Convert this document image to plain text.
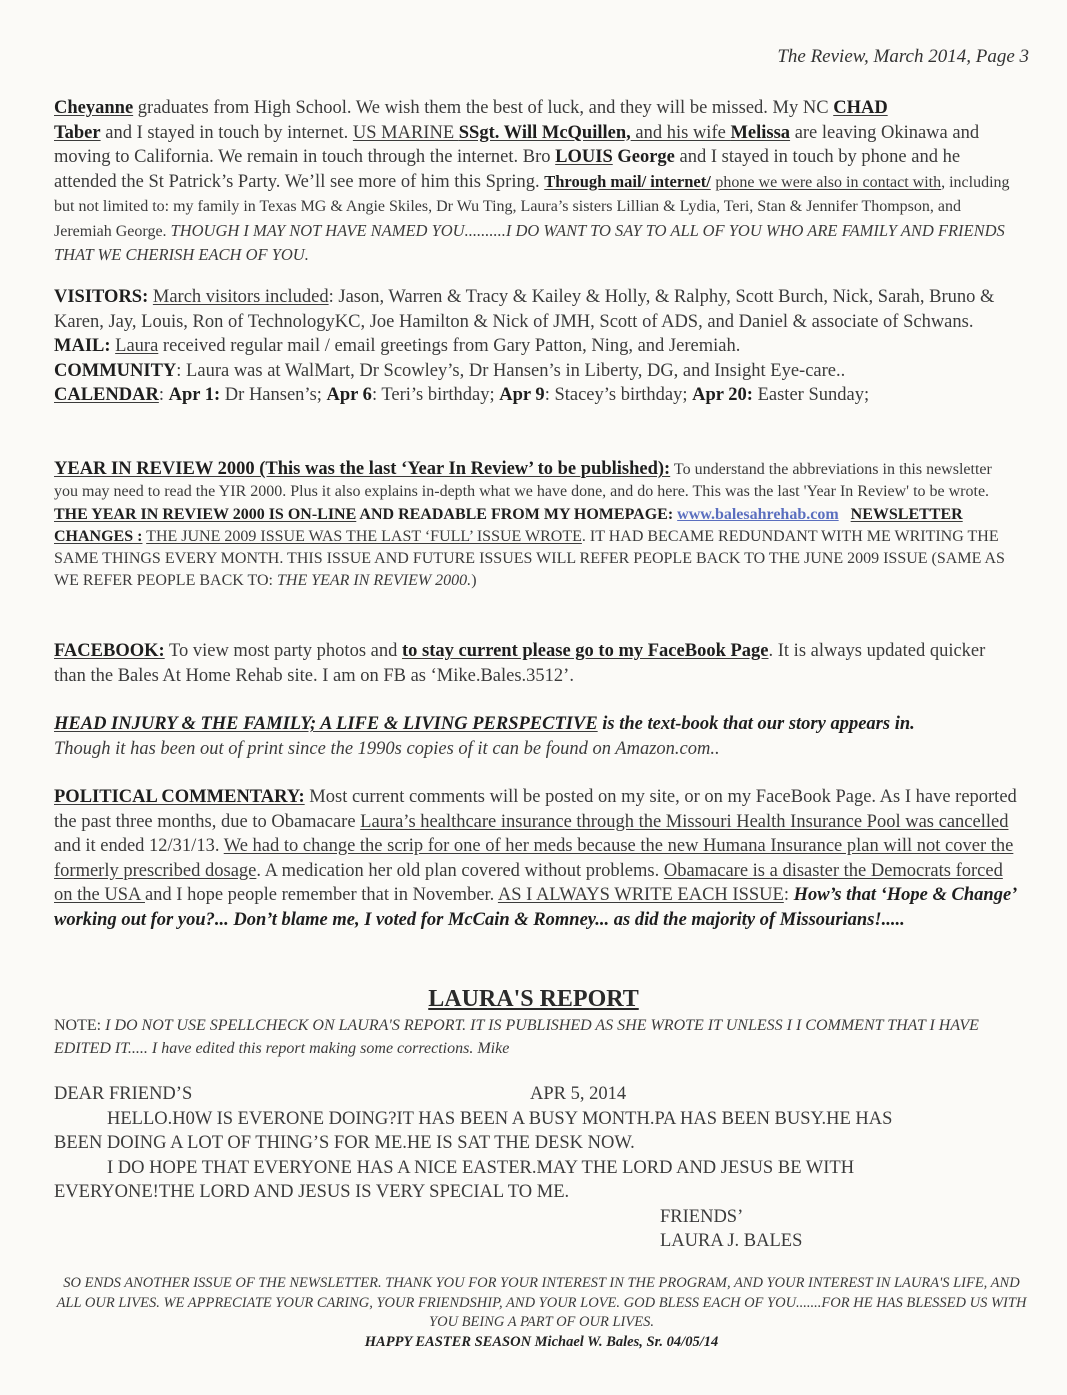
The Review, March 2014, Page 3
Cheyanne graduates from High School. We wish them the best of luck, and they will be missed. My NC CHAD
Taber and I stayed in touch by internet. US MARINE SSgt. Will McQuillen, and his wife Melissa are leaving Okinawa and moving to California. We remain in touch through the internet. Bro LOUIS George and I stayed in touch by phone and he attended the St Patrick’s Party. We’ll see more of him this Spring. Through mail/ internet/ phone we were also in contact with, including but not limited to: my family in Texas MG & Angie Skiles, Dr Wu Ting, Laura’s sisters Lillian & Lydia, Teri, Stan & Jennifer Thompson, and Jeremiah George. THOUGH I MAY NOT HAVE NAMED YOU..........I DO WANT TO SAY TO ALL OF YOU WHO ARE FAMILY AND FRIENDS THAT WE CHERISH EACH OF YOU.
VISITORS: March visitors included: Jason, Warren & Tracy & Kailey & Holly, & Ralphy, Scott Burch, Nick, Sarah, Bruno & Karen, Jay, Louis, Ron of TechnologyKC, Joe Hamilton & Nick of JMH, Scott of ADS, and Daniel & associate of Schwans.
MAIL: Laura received regular mail / email greetings from Gary Patton, Ning, and Jeremiah.
COMMUNITY: Laura was at WalMart, Dr Scowley’s, Dr Hansen’s in Liberty, DG, and Insight Eye-care..
CALENDAR: Apr 1: Dr Hansen’s; Apr 6: Teri’s birthday; Apr 9: Stacey’s birthday; Apr 20: Easter Sunday;
YEAR IN REVIEW 2000 (This was the last ‘Year In Review’ to be published): To understand the abbreviations in this newsletter you may need to read the YIR 2000. Plus it also explains in-depth what we have done, and do here. This was the last 'Year In Review' to be wrote. THE YEAR IN REVIEW 2000 IS ON-LINE AND READABLE FROM MY HOMEPAGE: www.balesahrehab.com NEWSLETTER CHANGES : THE JUNE 2009 ISSUE WAS THE LAST ‘FULL’ ISSUE WROTE. IT HAD BECAME REDUNDANT WITH ME WRITING THE SAME THINGS EVERY MONTH. THIS ISSUE AND FUTURE ISSUES WILL REFER PEOPLE BACK TO THE JUNE 2009 ISSUE (SAME AS WE REFER PEOPLE BACK TO: THE YEAR IN REVIEW 2000.)
FACEBOOK: To view most party photos and to stay current please go to my FaceBook Page. It is always updated quicker than the Bales At Home Rehab site. I am on FB as ‘Mike.Bales.3512’.
HEAD INJURY & THE FAMILY; A LIFE & LIVING PERSPECTIVE is the text-book that our story appears in.
Though it has been out of print since the 1990s copies of it can be found on Amazon.com..
POLITICAL COMMENTARY: Most current comments will be posted on my site, or on my FaceBook Page. As I have reported the past three months, due to Obamacare Laura’s healthcare insurance through the Missouri Health Insurance Pool was cancelled and it ended 12/31/13. We had to change the scrip for one of her meds because the new Humana Insurance plan will not cover the formerly prescribed dosage. A medication her old plan covered without problems. Obamacare is a disaster the Democrats forced on the USA and I hope people remember that in November. AS I ALWAYS WRITE EACH ISSUE: How’s that ‘Hope & Change’ working out for you?... Don’t blame me, I voted for McCain & Romney... as did the majority of Missourians!.....
LAURA'S REPORT
NOTE: I DO NOT USE SPELLCHECK ON LAURA'S REPORT. IT IS PUBLISHED AS SHE WROTE IT UNLESS I I COMMENT THAT I HAVE EDITED IT..... I have edited this report making some corrections. Mike
DEAR FRIEND’S	APR 5, 2014
HELLO.H0W IS EVERONE DOING?IT HAS BEEN A BUSY MONTH.PA HAS BEEN BUSY.HE HAS
BEEN DOING A LOT OF THING’S FOR ME.HE IS SAT THE DESK NOW.
I DO HOPE THAT EVERYONE HAS A NICE EASTER.MAY THE LORD AND JESUS BE WITH
EVERYONE!THE LORD AND JESUS IS VERY SPECIAL TO ME.
FRIENDS’
LAURA J. BALES
SO ENDS ANOTHER ISSUE OF THE NEWSLETTER. THANK YOU FOR YOUR INTEREST IN THE PROGRAM, AND YOUR INTEREST IN LAURA'S LIFE, AND ALL OUR LIVES. WE APPRECIATE YOUR CARING, YOUR FRIENDSHIP, AND YOUR LOVE. GOD BLESS EACH OF YOU.......FOR HE HAS BLESSED US WITH YOU BEING A PART OF OUR LIVES.
HAPPY EASTER SEASON Michael W. Bales, Sr. 04/05/14
